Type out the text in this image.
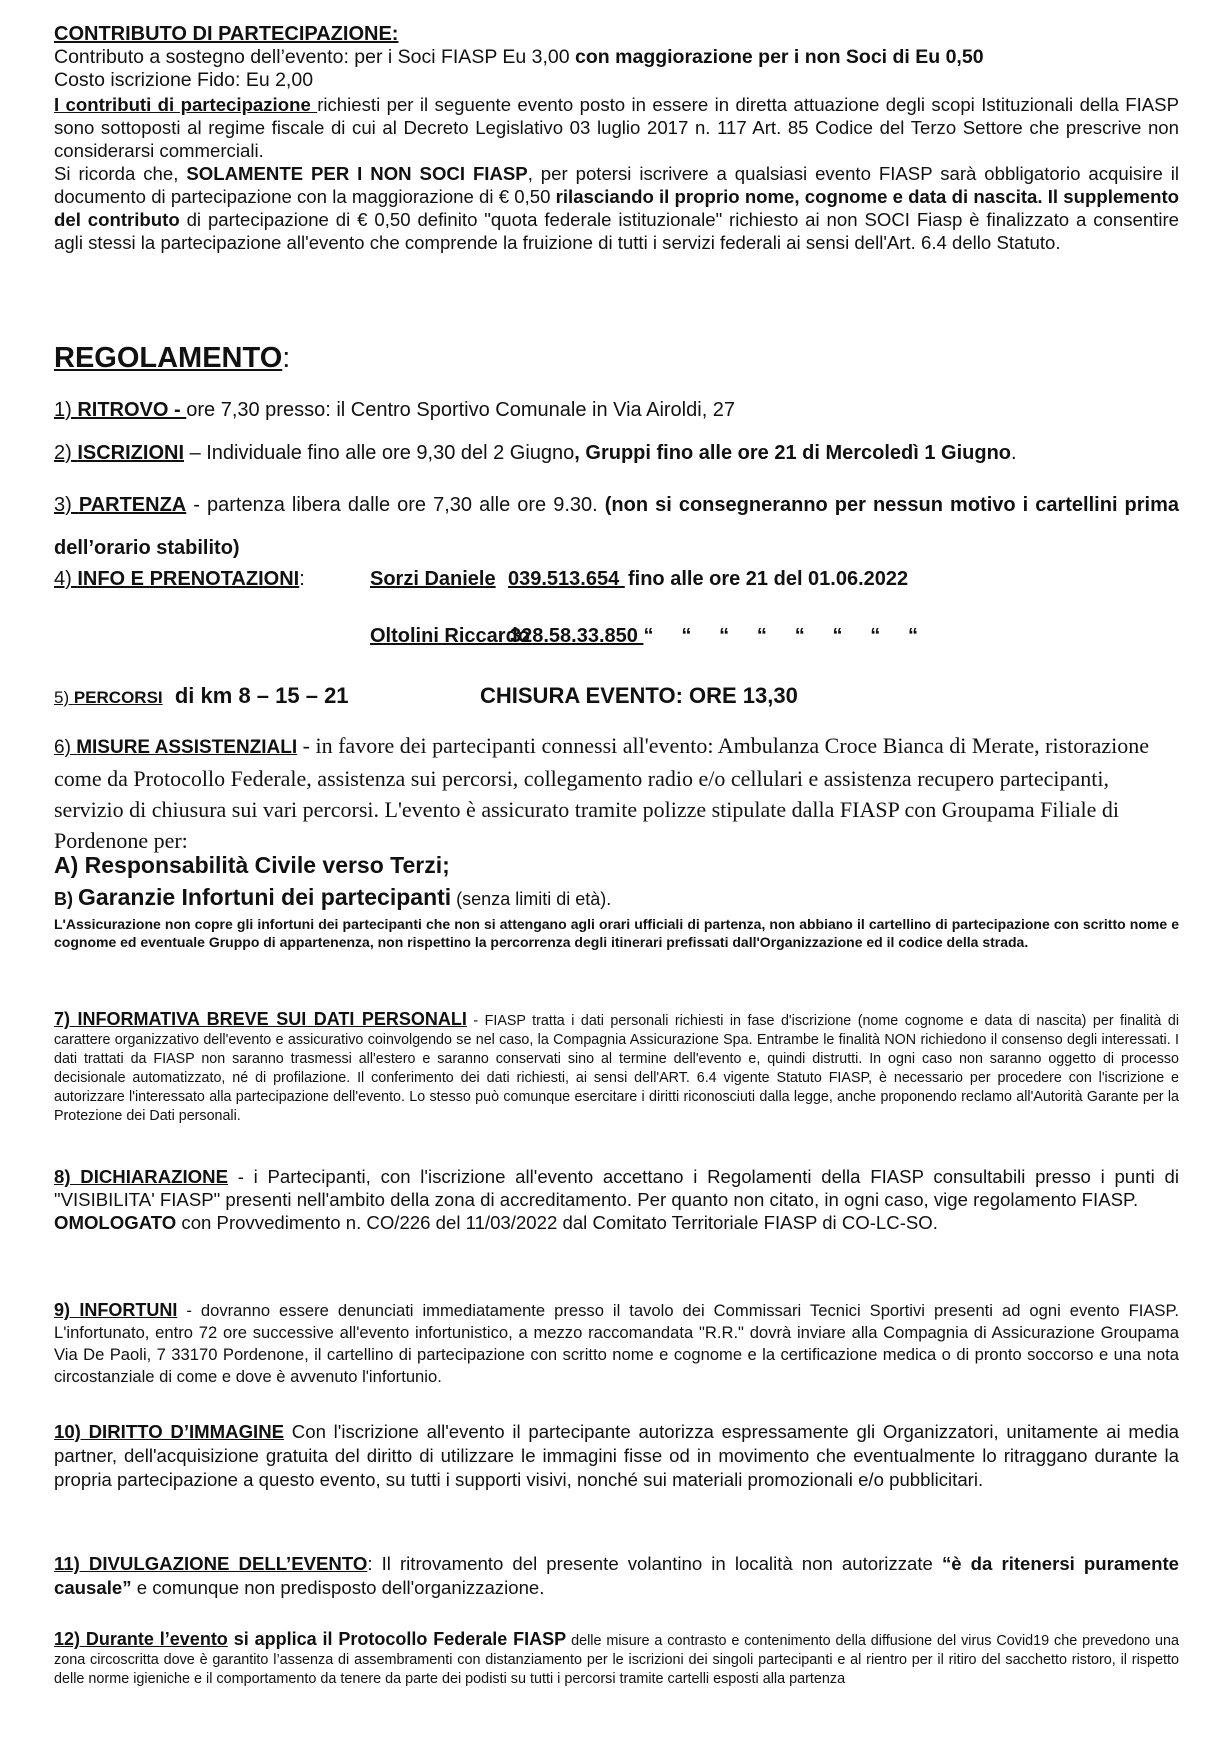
CONTRIBUTO DI PARTECIPAZIONE:
Contributo a sostegno dell’evento: per i Soci FIASP Eu 3,00 con maggiorazione per i non Soci di Eu 0,50
Costo iscrizione Fido: Eu 2,00
I contributi di partecipazione richiesti per il seguente evento posto in essere in diretta attuazione degli scopi Istituzionali della FIASP sono sottoposti al regime fiscale di cui al Decreto Legislativo 03 luglio 2017 n. 117 Art. 85 Codice del Terzo Settore che prescrive non considerarsi commerciali.
Si ricorda che, SOLAMENTE PER I NON SOCI FIASP, per potersi iscrivere a qualsiasi evento FIASP sarà obbligatorio acquisire il documento di partecipazione con la maggiorazione di € 0,50 rilasciando il proprio nome, cognome e data di nascita. Il supplemento del contributo di partecipazione di € 0,50 definito "quota federale istituzionale" richiesto ai non SOCI Fiasp è finalizzato a consentire agli stessi la partecipazione all'evento che comprende la fruizione di tutti i servizi federali ai sensi dell'Art. 6.4 dello Statuto.
REGOLAMENTO:
1) RITROVO - ore 7,30 presso: il Centro Sportivo Comunale in Via Airoldi, 27
2) ISCRIZIONI – Individuale fino alle ore 9,30 del 2 Giugno, Gruppi fino alle ore 21 di Mercoledì 1 Giugno.
3) PARTENZA - partenza libera dalle ore 7,30 alle ore 9.30. (non si consegneranno per nessun motivo i cartellini prima dell’orario stabilito)
4) INFO E PRENOTAZIONI:	Sorzi Daniele 039.513.654 fino alle ore 21 del 01.06.2022
Oltolini Riccardo
328.58.33.850
“     “     “     “     “     “     “     “
5) PERCORSI  di km 8 – 15 – 21	CHISURA EVENTO: ORE 13,30
6) MISURE ASSISTENZIALI - in favore dei partecipanti connessi all'evento: Ambulanza Croce Bianca di Merate, ristorazione come da Protocollo Federale, assistenza sui percorsi, collegamento radio e/o cellulari e assistenza recupero partecipanti, servizio di chiusura sui vari percorsi. L'evento è assicurato tramite polizze stipulate dalla FIASP con Groupama Filiale di Pordenone per:
A) Responsabilità Civile verso Terzi;
B) Garanzie Infortuni dei partecipanti (senza limiti di età).
L'Assicurazione non copre gli infortuni dei partecipanti che non si attengano agli orari ufficiali di partenza, non abbiano il cartellino di partecipazione con scritto nome e cognome ed eventuale Gruppo di appartenenza, non rispettino la percorrenza degli itinerari prefissati dall'Organizzazione ed il codice della strada.
7) INFORMATIVA BREVE SUI DATI PERSONALI - FIASP tratta i dati personali richiesti in fase d'iscrizione (nome cognome e data di nascita) per finalità di carattere organizzativo dell'evento e assicurativo coinvolgendo se nel caso, la Compagnia Assicurazione Spa. Entrambe le finalità NON richiedono il consenso degli interessati. I dati trattati da FIASP non saranno trasmessi all'estero e saranno conservati sino al termine dell'evento e, quindi distrutti. In ogni caso non saranno oggetto di processo decisionale automatizzato, né di profilazione. Il conferimento dei dati richiesti, ai sensi dell'ART. 6.4 vigente Statuto FIASP, è necessario per procedere con l'iscrizione e autorizzare l'interessato alla partecipazione dell'evento. Lo stesso può comunque esercitare i diritti riconosciuti dalla legge, anche proponendo reclamo all'Autorità Garante per la Protezione dei Dati personali.
8) DICHIARAZIONE - i Partecipanti, con l'iscrizione all'evento accettano i Regolamenti della FIASP consultabili presso i punti di "VISIBILITA' FIASP" presenti nell'ambito della zona di accreditamento. Per quanto non citato, in ogni caso, vige regolamento FIASP.
OMOLOGATO con Provvedimento n. CO/226 del 11/03/2022 dal Comitato Territoriale FIASP di CO-LC-SO.
9) INFORTUNI - dovranno essere denunciati immediatamente presso il tavolo dei Commissari Tecnici Sportivi presenti ad ogni evento FIASP. L'infortunato, entro 72 ore successive all'evento infortunistico, a mezzo raccomandata "R.R." dovrà inviare alla Compagnia di Assicurazione Groupama Via De Paoli, 7 33170 Pordenone, il cartellino di partecipazione con scritto nome e cognome e la certificazione medica o di pronto soccorso e una nota circostanziale di come e dove è avvenuto l'infortunio.
10) DIRITTO D’IMMAGINE Con l'iscrizione all'evento il partecipante autorizza espressamente gli Organizzatori, unitamente ai media partner, dell'acquisizione gratuita del diritto di utilizzare le immagini fisse od in movimento che eventualmente lo ritraggano durante la propria partecipazione a questo evento, su tutti i supporti visivi, nonché sui materiali promozionali e/o pubblicitari.
11) DIVULGAZIONE DELL’EVENTO: Il ritrovamento del presente volantino in località non autorizzate “è da ritenersi puramente causale” e comunque non predisposto dell'organizzazione.
12) Durante l’evento si applica il Protocollo Federale FIASP delle misure a contrasto e contenimento della diffusione del virus Covid19 che prevedono una zona circoscritta dove è garantito l’assenza di assembramenti con distanziamento per le iscrizioni dei singoli partecipanti e al rientro per il ritiro del sacchetto ristoro, il rispetto delle norme igieniche e il comportamento da tenere da parte dei podisti su tutti i percorsi tramite cartelli esposti alla partenza
